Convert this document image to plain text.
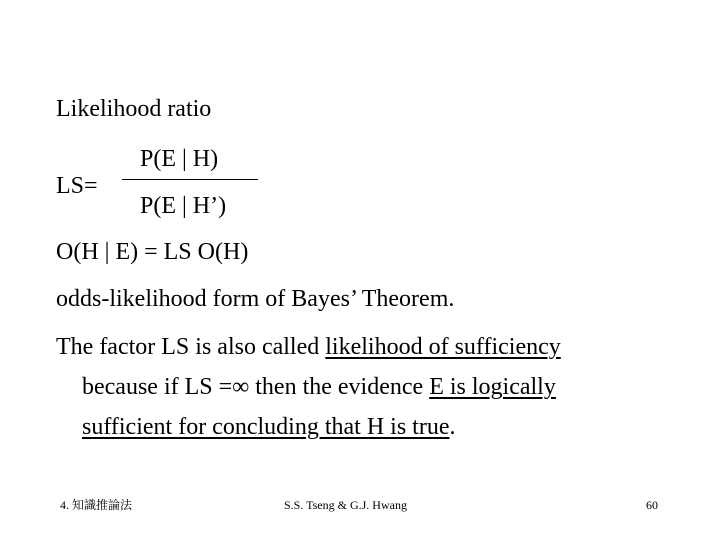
Likelihood ratio
LS=
P(E | H)
P(E | H’)
O(H | E) = LS O(H)
odds-likelihood form of Bayes’ Theorem.
The factor LS is also called likelihood of sufficiency
because if LS =∞ then the evidence E is logically
sufficient for concluding that H is true.
4. 知識推論法	S.S. Tseng & G.J. Hwang	60
